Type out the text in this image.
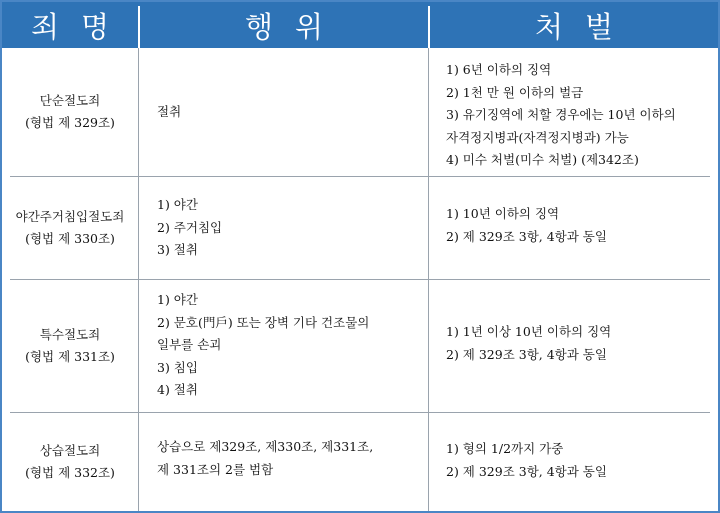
죄명	행위	처벌
단순절도죄
(형법 제 329조)
절취
1) 6년 이하의 징역
2) 1천 만 원 이하의 벌금
3) 유기징역에 처할 경우에는 10년 이하의
자격정지병과(자격정지병과) 가능
4) 미수 처벌(미수 처벌) (제342조)
야간주거침입절도죄
(형법 제 330조)
1) 야간
2) 주거침입
3) 절취
1) 10년 이하의 징역
2) 제 329조 3항, 4항과 동일
특수절도죄
(형법 제 331조)
1) 야간
2) 문호(門戶) 또는 장벽 기타 건조물의
일부를 손괴
3) 침입
4) 절취
1) 1년 이상 10년 이하의 징역
2) 제 329조 3항, 4항과 동일
상습절도죄
(형법 제 332조)
상습으로 제329조, 제330조, 제331조,
제 331조의 2를 범함
1) 형의 1/2까지 가중
2) 제 329조 3항, 4항과 동일
